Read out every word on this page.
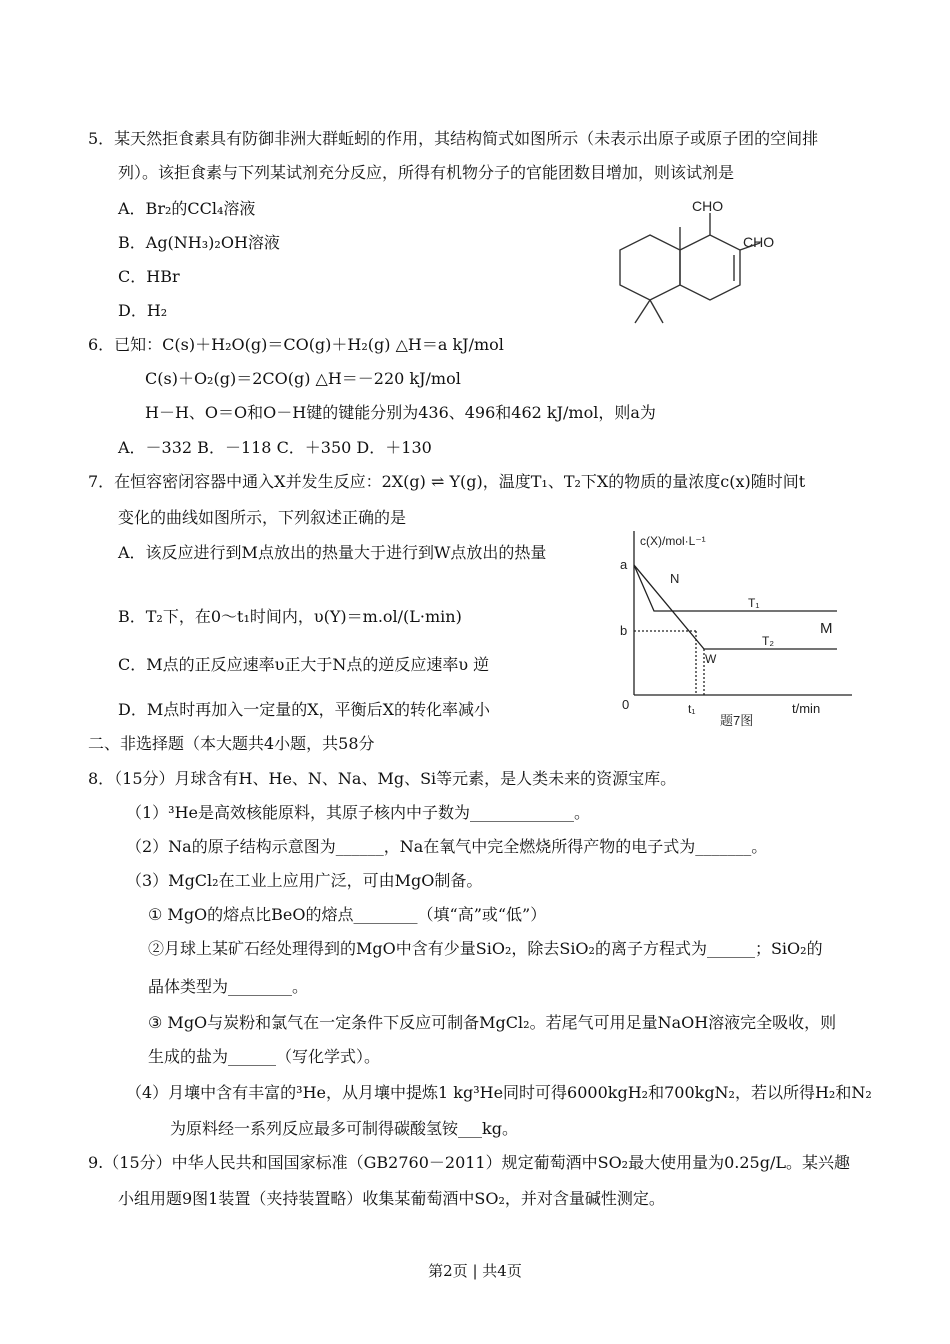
5．某天然拒食素具有防御非洲大群蚯蚓的作用，其结构简式如图所示（未表示出原子或原子团的空间排
列）。该拒食素与下列某试剂充分反应，所得有机物分子的官能团数目增加，则该试剂是
A．Br₂的CCl₄溶液
B．Ag(NH₃)₂OH溶液
C．HBr
D．H₂
CHO
CHO
6．已知：C(s)＋H₂O(g)＝CO(g)＋H₂(g) △H＝a kJ/mol
C(s)＋O₂(g)＝2CO(g) △H＝－220 kJ/mol
H－H、O＝O和O－H键的键能分别为436、496和462 kJ/mol，则a为
A．－332 B．－118 C．＋350 D．＋130
7．在恒容密闭容器中通入X并发生反应：2X(g) ⇌ Y(g)，温度T₁、T₂下X的物质的量浓度c(x)随时间t
变化的曲线如图所示，下列叙述正确的是
A．该反应进行到M点放出的热量大于进行到W点放出的热量
B．T₂下，在0～t₁时间内，υ(Y)＝m.ol/(L·min)
C．M点的正反应速率υ正大于N点的逆反应速率υ 逆
D．M点时再加入一定量的X，平衡后X的转化率减小
c(X)/mol·L⁻¹
a
b
0	t₁	t/min
N
M
W
T₁
T₂
题7图
二、非选择题（本大题共4小题，共58分
8．（15分）月球含有H、He、N、Na、Mg、Si等元素，是人类未来的资源宝库。
（1）³He是高效核能原料，其原子核内中子数为_____________。
（2）Na的原子结构示意图为______，Na在氧气中完全燃烧所得产物的电子式为_______。
（3）MgCl₂在工业上应用广泛，可由MgO制备。
① MgO的熔点比BeO的熔点________（填“高”或“低”）
②月球上某矿石经处理得到的MgO中含有少量SiO₂，除去SiO₂的离子方程式为______；SiO₂的
晶体类型为________。
③ MgO与炭粉和氯气在一定条件下反应可制备MgCl₂。若尾气可用足量NaOH溶液完全吸收，则
生成的盐为______（写化学式）。
（4）月壤中含有丰富的³He，从月壤中提炼1 kg³He同时可得6000kgH₂和700kgN₂，若以所得H₂和N₂
为原料经一系列反应最多可制得碳酸氢铵___kg。
9.（15分）中华人民共和国国家标准（GB2760－2011）规定葡萄酒中SO₂最大使用量为0.25g/L。某兴趣
小组用题9图1装置（夹持装置略）收集某葡萄酒中SO₂，并对含量碱性测定。
第2页 | 共4页
